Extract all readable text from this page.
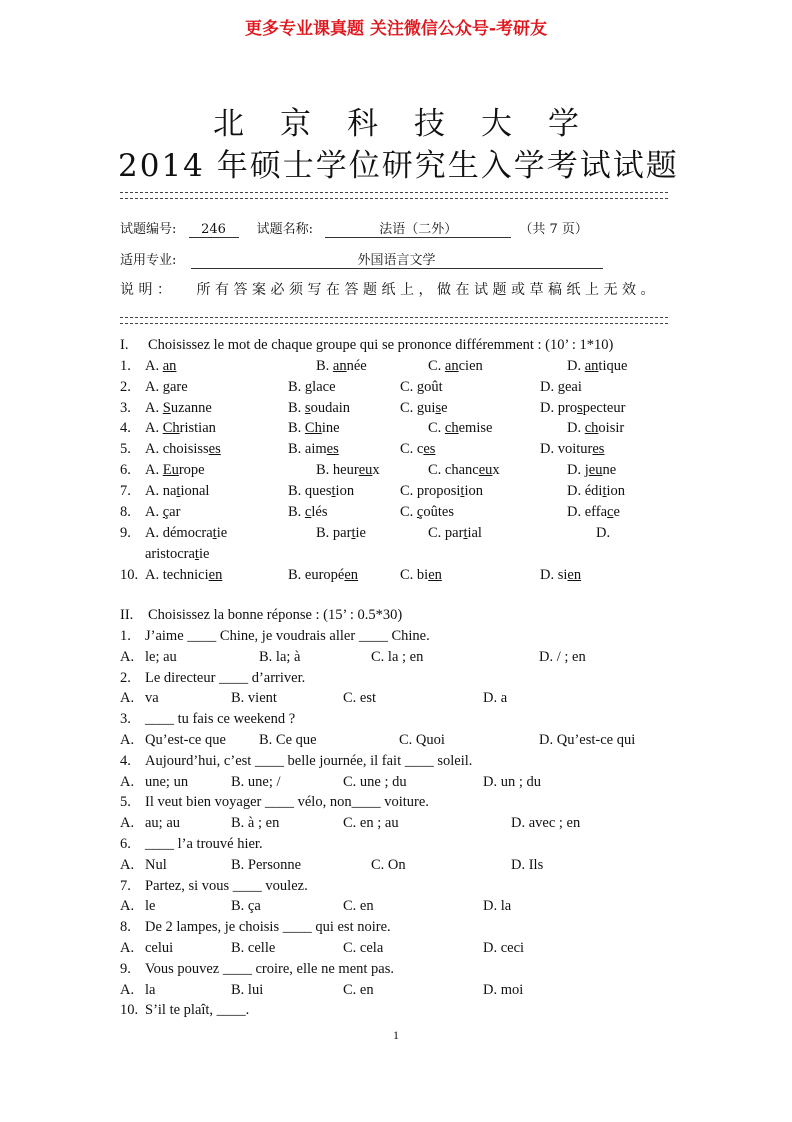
更多专业课真题 关注微信公众号-考研友
北京科技大学
2014 年硕士学位研究生入学考试试题
试题编号: 246 试题名称:	法语（二外）	（共 7 页）
适用专业:	外国语言文学
说明： 所有答案必须写在答题纸上，做在试题或草稿纸上无效。
I. Choisissez le mot de chaque groupe qui se prononce différemment : (10’ : 1*10)
1. A. an	B. année	C. ancien	D. antique
2. A. gare	B. glace	C. goût	D. geai
3. A. Suzanne	B. soudain	C. guise	D. prospecteur
4. A. Christian	B. Chine	C. chemise	D. choisir
5. A. choisisses	B. aimes	C. ces	D. voitures
6. A. Europe	B. heureux	C. chanceux	D. jeune
7. A. national	B. question	C. proposition	D. édition
8. A. çar	B. clés	C. çoûtes	D. efface
9. A. démocratie	B. partie	C. partial	D.
aristocratie
10. A. technicien	B. européen	C. bien	D. sien
II. Choisissez la bonne réponse : (15’ : 0.5*30)
1. J’aime ____ Chine, je voudrais aller ____ Chine.
A. le; au	B. la; à	C. la ; en	D. / ; en
2. Le directeur ____ d’arriver.
A. va	B. vient	C. est	D. a
3. ____ tu fais ce weekend ?
A. Qu’est-ce que B. Ce que	C. Quoi	D. Qu’est-ce qui
4. Aujourd’hui, c’est ____ belle journée, il fait ____ soleil.
A. une; un	B. une; /	C. une ; du	D. un ; du
5. Il veut bien voyager ____ vélo, non____ voiture.
A. au; au	B. à ; en	C. en ; au	D. avec ; en
6. ____ l’a trouvé hier.
A. Nul	B. Personne	C. On	D. Ils
7. Partez, si vous ____ voulez.
A. le	B. ça	C. en	D. la
8. De 2 lampes, je choisis ____ qui est noire.
A. celui	B. celle	C. cela	D. ceci
9. Vous pouvez ____ croire, elle ne ment pas.
A. la	B. lui	C. en	D. moi
10. S’il te plaît, ____.
1
